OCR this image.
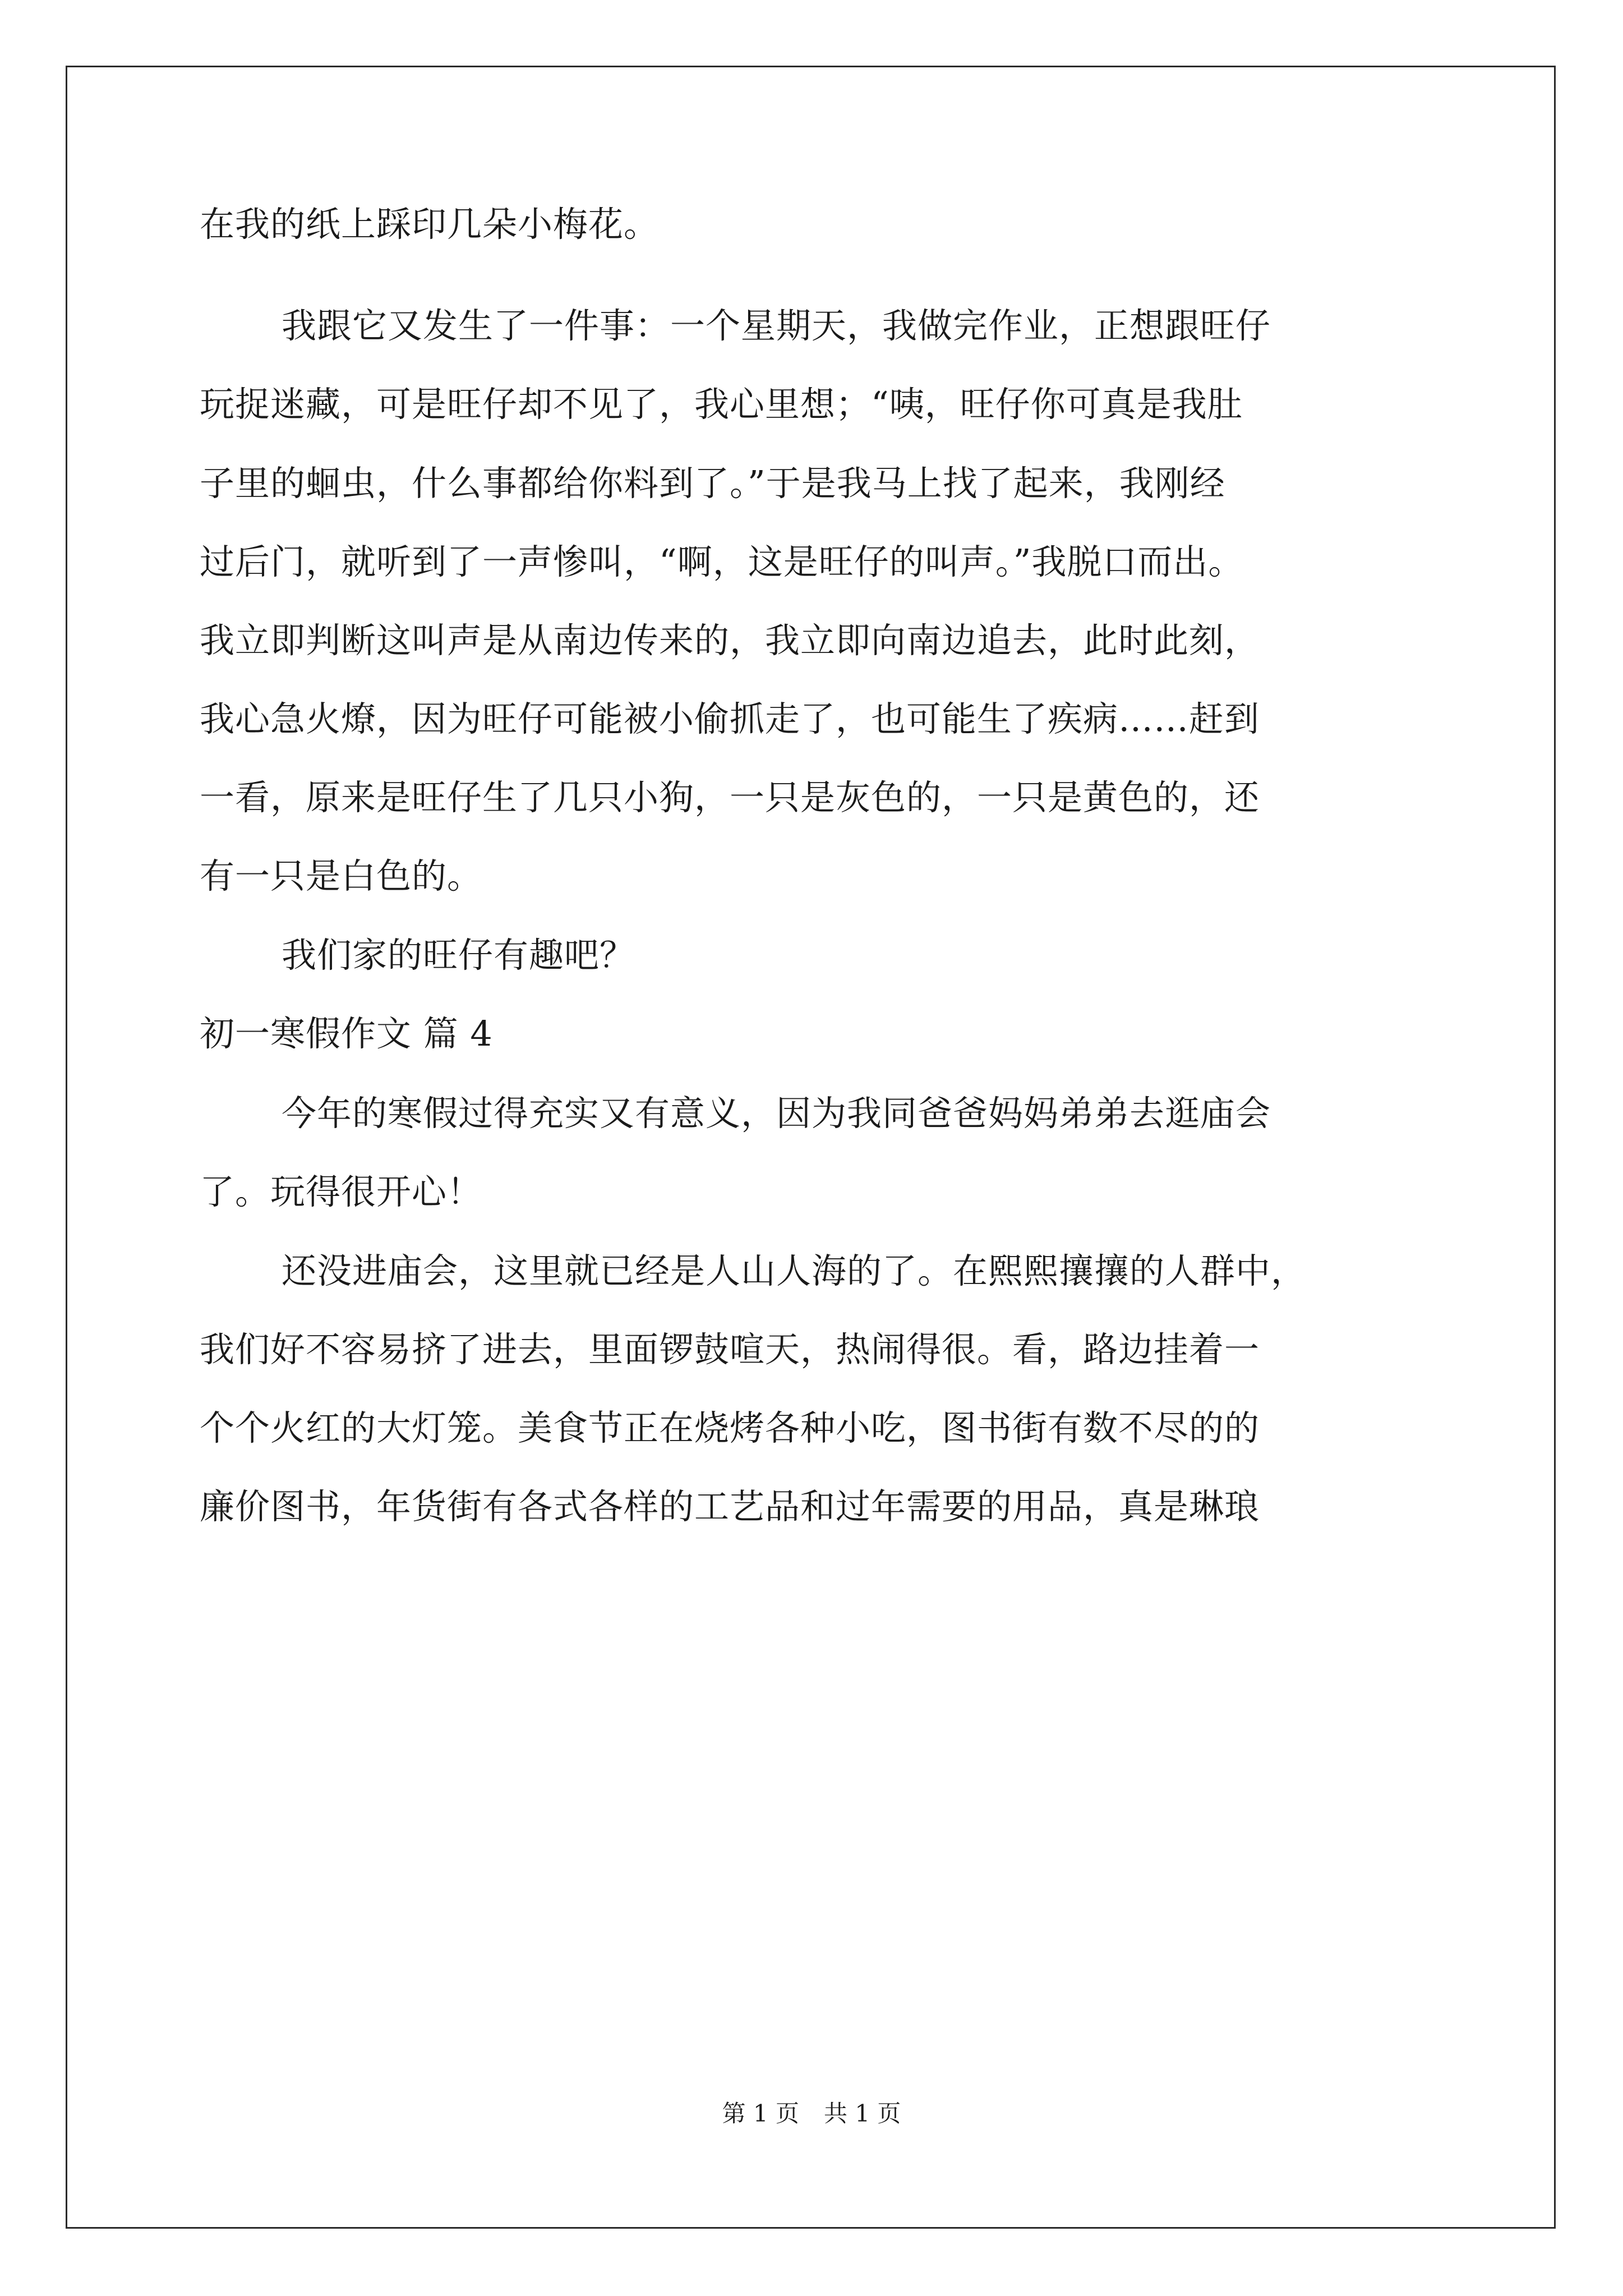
在我的纸上踩印几朵小梅花。
我跟它又发生了一件事：一个星期天，我做完作业，正想跟旺仔
玩捉迷藏，可是旺仔却不见了，我心里想；“咦，旺仔你可真是我肚
子里的蛔虫，什么事都给你料到了。”于是我马上找了起来，我刚经
过后门，就听到了一声惨叫，“啊，这是旺仔的叫声。”我脱口而出。
我立即判断这叫声是从南边传来的，我立即向南边追去，此时此刻，
我心急火燎，因为旺仔可能被小偷抓走了，也可能生了疾病……赶到
一看，原来是旺仔生了几只小狗，一只是灰色的，一只是黄色的，还
有一只是白色的。
我们家的旺仔有趣吧？
初一寒假作文 篇 4
今年的寒假过得充实又有意义，因为我同爸爸妈妈弟弟去逛庙会
了。玩得很开心！
还没进庙会，这里就已经是人山人海的了。在熙熙攘攘的人群中，
我们好不容易挤了进去，里面锣鼓喧天，热闹得很。看，路边挂着一
个个火红的大灯笼。美食节正在烧烤各种小吃，图书街有数不尽的的
廉价图书，年货街有各式各样的工艺品和过年需要的用品，真是琳琅
第 1 页 共 1 页
